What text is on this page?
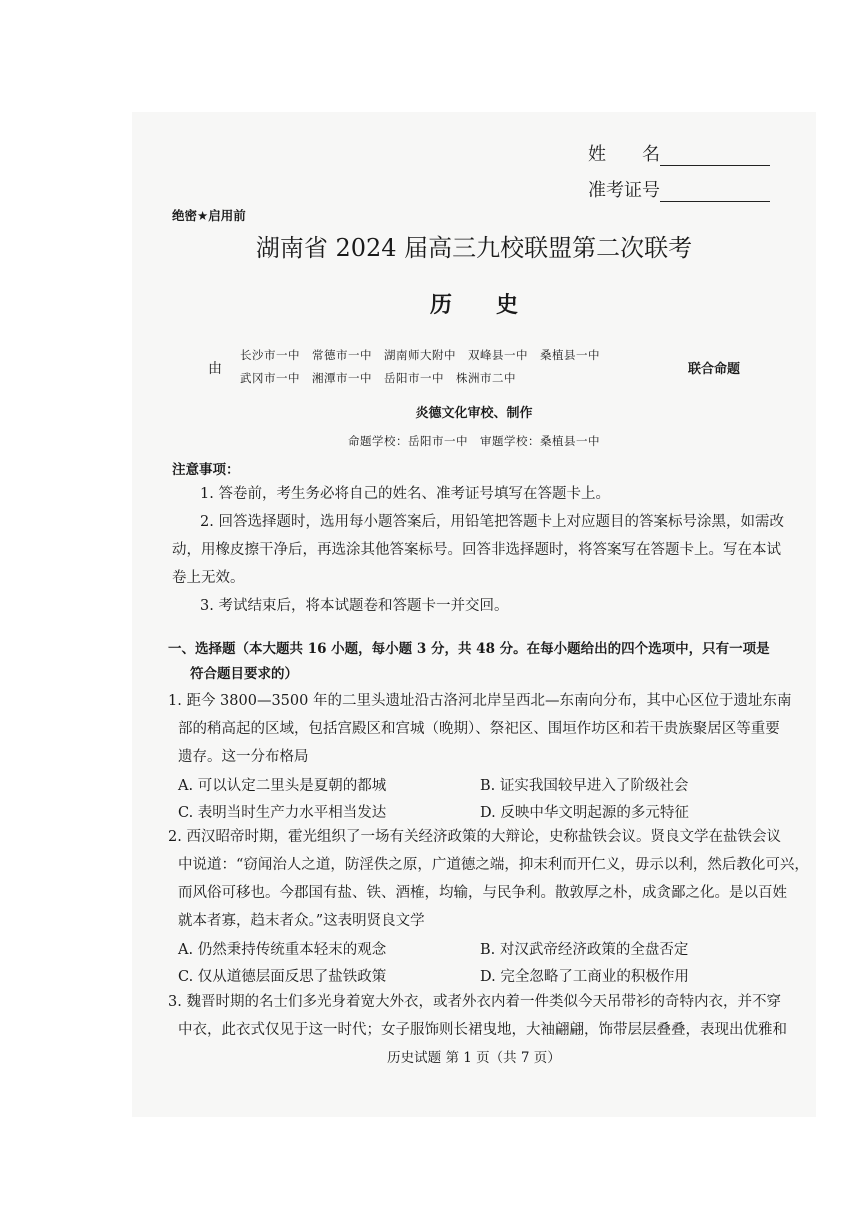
姓　　名
准考证号
绝密★启用前
湖南省 2024 届高三九校联盟第二次联考
历　　史
由
长沙市一中　常德市一中　湖南师大附中　双峰县一中　桑植县一中
武冈市一中　湘潭市一中　岳阳市一中　株洲市二中
联合命题
炎德文化审校、制作
命题学校：岳阳市一中　审题学校：桑植县一中
注意事项：
1. 答卷前，考生务必将自己的姓名、准考证号填写在答题卡上。
2. 回答选择题时，选用每小题答案后，用铅笔把答题卡上对应题目的答案标号涂黑，如需改
动，用橡皮擦干净后，再选涂其他答案标号。回答非选择题时，将答案写在答题卡上。写在本试
卷上无效。
3. 考试结束后，将本试题卷和答题卡一并交回。
一、选择题（本大题共 16 小题，每小题 3 分，共 48 分。在每小题给出的四个选项中，只有一项是
符合题目要求的）
1. 距今 3800—3500 年的二里头遗址沿古洛河北岸呈西北—东南向分布，其中心区位于遗址东南
部的稍高起的区域，包括宫殿区和宫城（晚期）、祭祀区、围垣作坊区和若干贵族聚居区等重要
遗存。这一分布格局
A. 可以认定二里头是夏朝的都城	B. 证实我国较早进入了阶级社会
C. 表明当时生产力水平相当发达	D. 反映中华文明起源的多元特征
2. 西汉昭帝时期，霍光组织了一场有关经济政策的大辩论，史称盐铁会议。贤良文学在盐铁会议
中说道：“窃闻治人之道，防淫佚之原，广道德之端，抑末利而开仁义，毋示以利，然后教化可兴，
而风俗可移也。今郡国有盐、铁、酒榷，均输，与民争利。散敦厚之朴，成贪鄙之化。是以百姓
就本者寡，趋末者众。”这表明贤良文学
A. 仍然秉持传统重本轻末的观念	B. 对汉武帝经济政策的全盘否定
C. 仅从道德层面反思了盐铁政策	D. 完全忽略了工商业的积极作用
3. 魏晋时期的名士们多光身着宽大外衣，或者外衣内着一件类似今天吊带衫的奇特内衣，并不穿
中衣，此衣式仅见于这一时代；女子服饰则长裙曳地，大袖翩翩，饰带层层叠叠，表现出优雅和
历史试题 第 1 页（共 7 页）
